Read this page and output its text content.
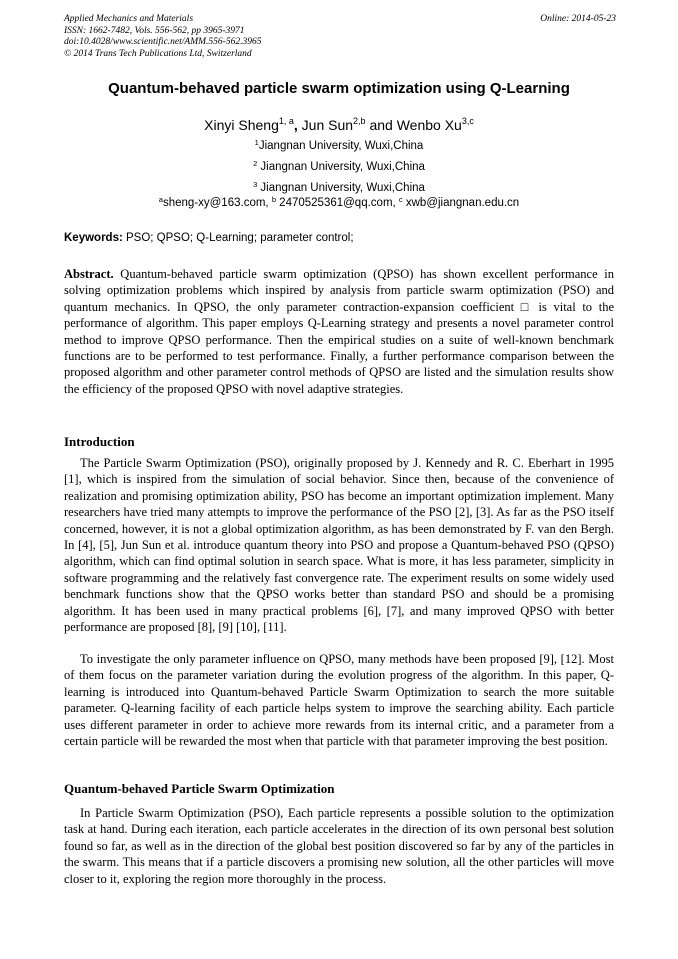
Applied Mechanics and Materials
ISSN: 1662-7482, Vols. 556-562, pp 3965-3971
doi:10.4028/www.scientific.net/AMM.556-562.3965
© 2014 Trans Tech Publications Ltd, Switzerland
Online: 2014-05-23
Quantum-behaved particle swarm optimization using Q-Learning
Xinyi Sheng$^{1, a}$, Jun Sun$^{2,b}$ and Wenbo Xu$^{3,c}$
$^1$Jiangnan University, Wuxi,China
$^2$ Jiangnan University, Wuxi,China
$^3$ Jiangnan University, Wuxi,China
$^a$sheng-xy@163.com, $^b$ 2470525361@qq.com, $^c$ xwb@jiangnan.edu.cn
Keywords: PSO; QPSO; Q-Learning; parameter control;
Abstract. Quantum-behaved particle swarm optimization (QPSO) has shown excellent performance in solving optimization problems which inspired by analysis from particle swarm optimization (PSO) and quantum mechanics. In QPSO, the only parameter contraction-expansion coefficient □ is vital to the performance of algorithm. This paper employs Q-Learning strategy and presents a novel parameter control method to improve QPSO performance. Then the empirical studies on a suite of well-known benchmark functions are to be performed to test performance. Finally, a further performance comparison between the proposed algorithm and other parameter control methods of QPSO are listed and the simulation results show the efficiency of the proposed QPSO with novel adaptive strategies.
Introduction
The Particle Swarm Optimization (PSO), originally proposed by J. Kennedy and R. C. Eberhart in 1995 [1], which is inspired from the simulation of social behavior. Since then, because of the convenience of realization and promising optimization ability, PSO has become an important optimization implement. Many researchers have tried many attempts to improve the performance of the PSO [2], [3]. As far as the PSO itself concerned, however, it is not a global optimization algorithm, as has been demonstrated by F. van den Bergh. In [4], [5], Jun Sun et al. introduce quantum theory into PSO and propose a Quantum-behaved PSO (QPSO) algorithm, which can find optimal solution in search space. What is more, it has less parameter, simplicity in software programming and the relatively fast convergence rate. The experiment results on some widely used benchmark functions show that the QPSO works better than standard PSO and should be a promising algorithm. It has been used in many practical problems [6], [7], and many improved QPSO with better performance are proposed [8], [9] [10], [11].
To investigate the only parameter influence on QPSO, many methods have been proposed [9], [12]. Most of them focus on the parameter variation during the evolution progress of the algorithm. In this paper, Q-learning is introduced into Quantum-behaved Particle Swarm Optimization to search the more suitable parameter. Q-learning facility of each particle helps system to improve the searching ability. Each particle uses different parameter in order to achieve more rewards from its internal critic, and a parameter from a certain particle will be rewarded the most when that particle with that parameter improving the best position.
Quantum-behaved Particle Swarm Optimization
In Particle Swarm Optimization (PSO), Each particle represents a possible solution to the optimization task at hand. During each iteration, each particle accelerates in the direction of its own personal best solution found so far, as well as in the direction of the global best position discovered so far by any of the particles in the swarm. This means that if a particle discovers a promising new solution, all the other particles will move closer to it, exploring the region more thoroughly in the process.
